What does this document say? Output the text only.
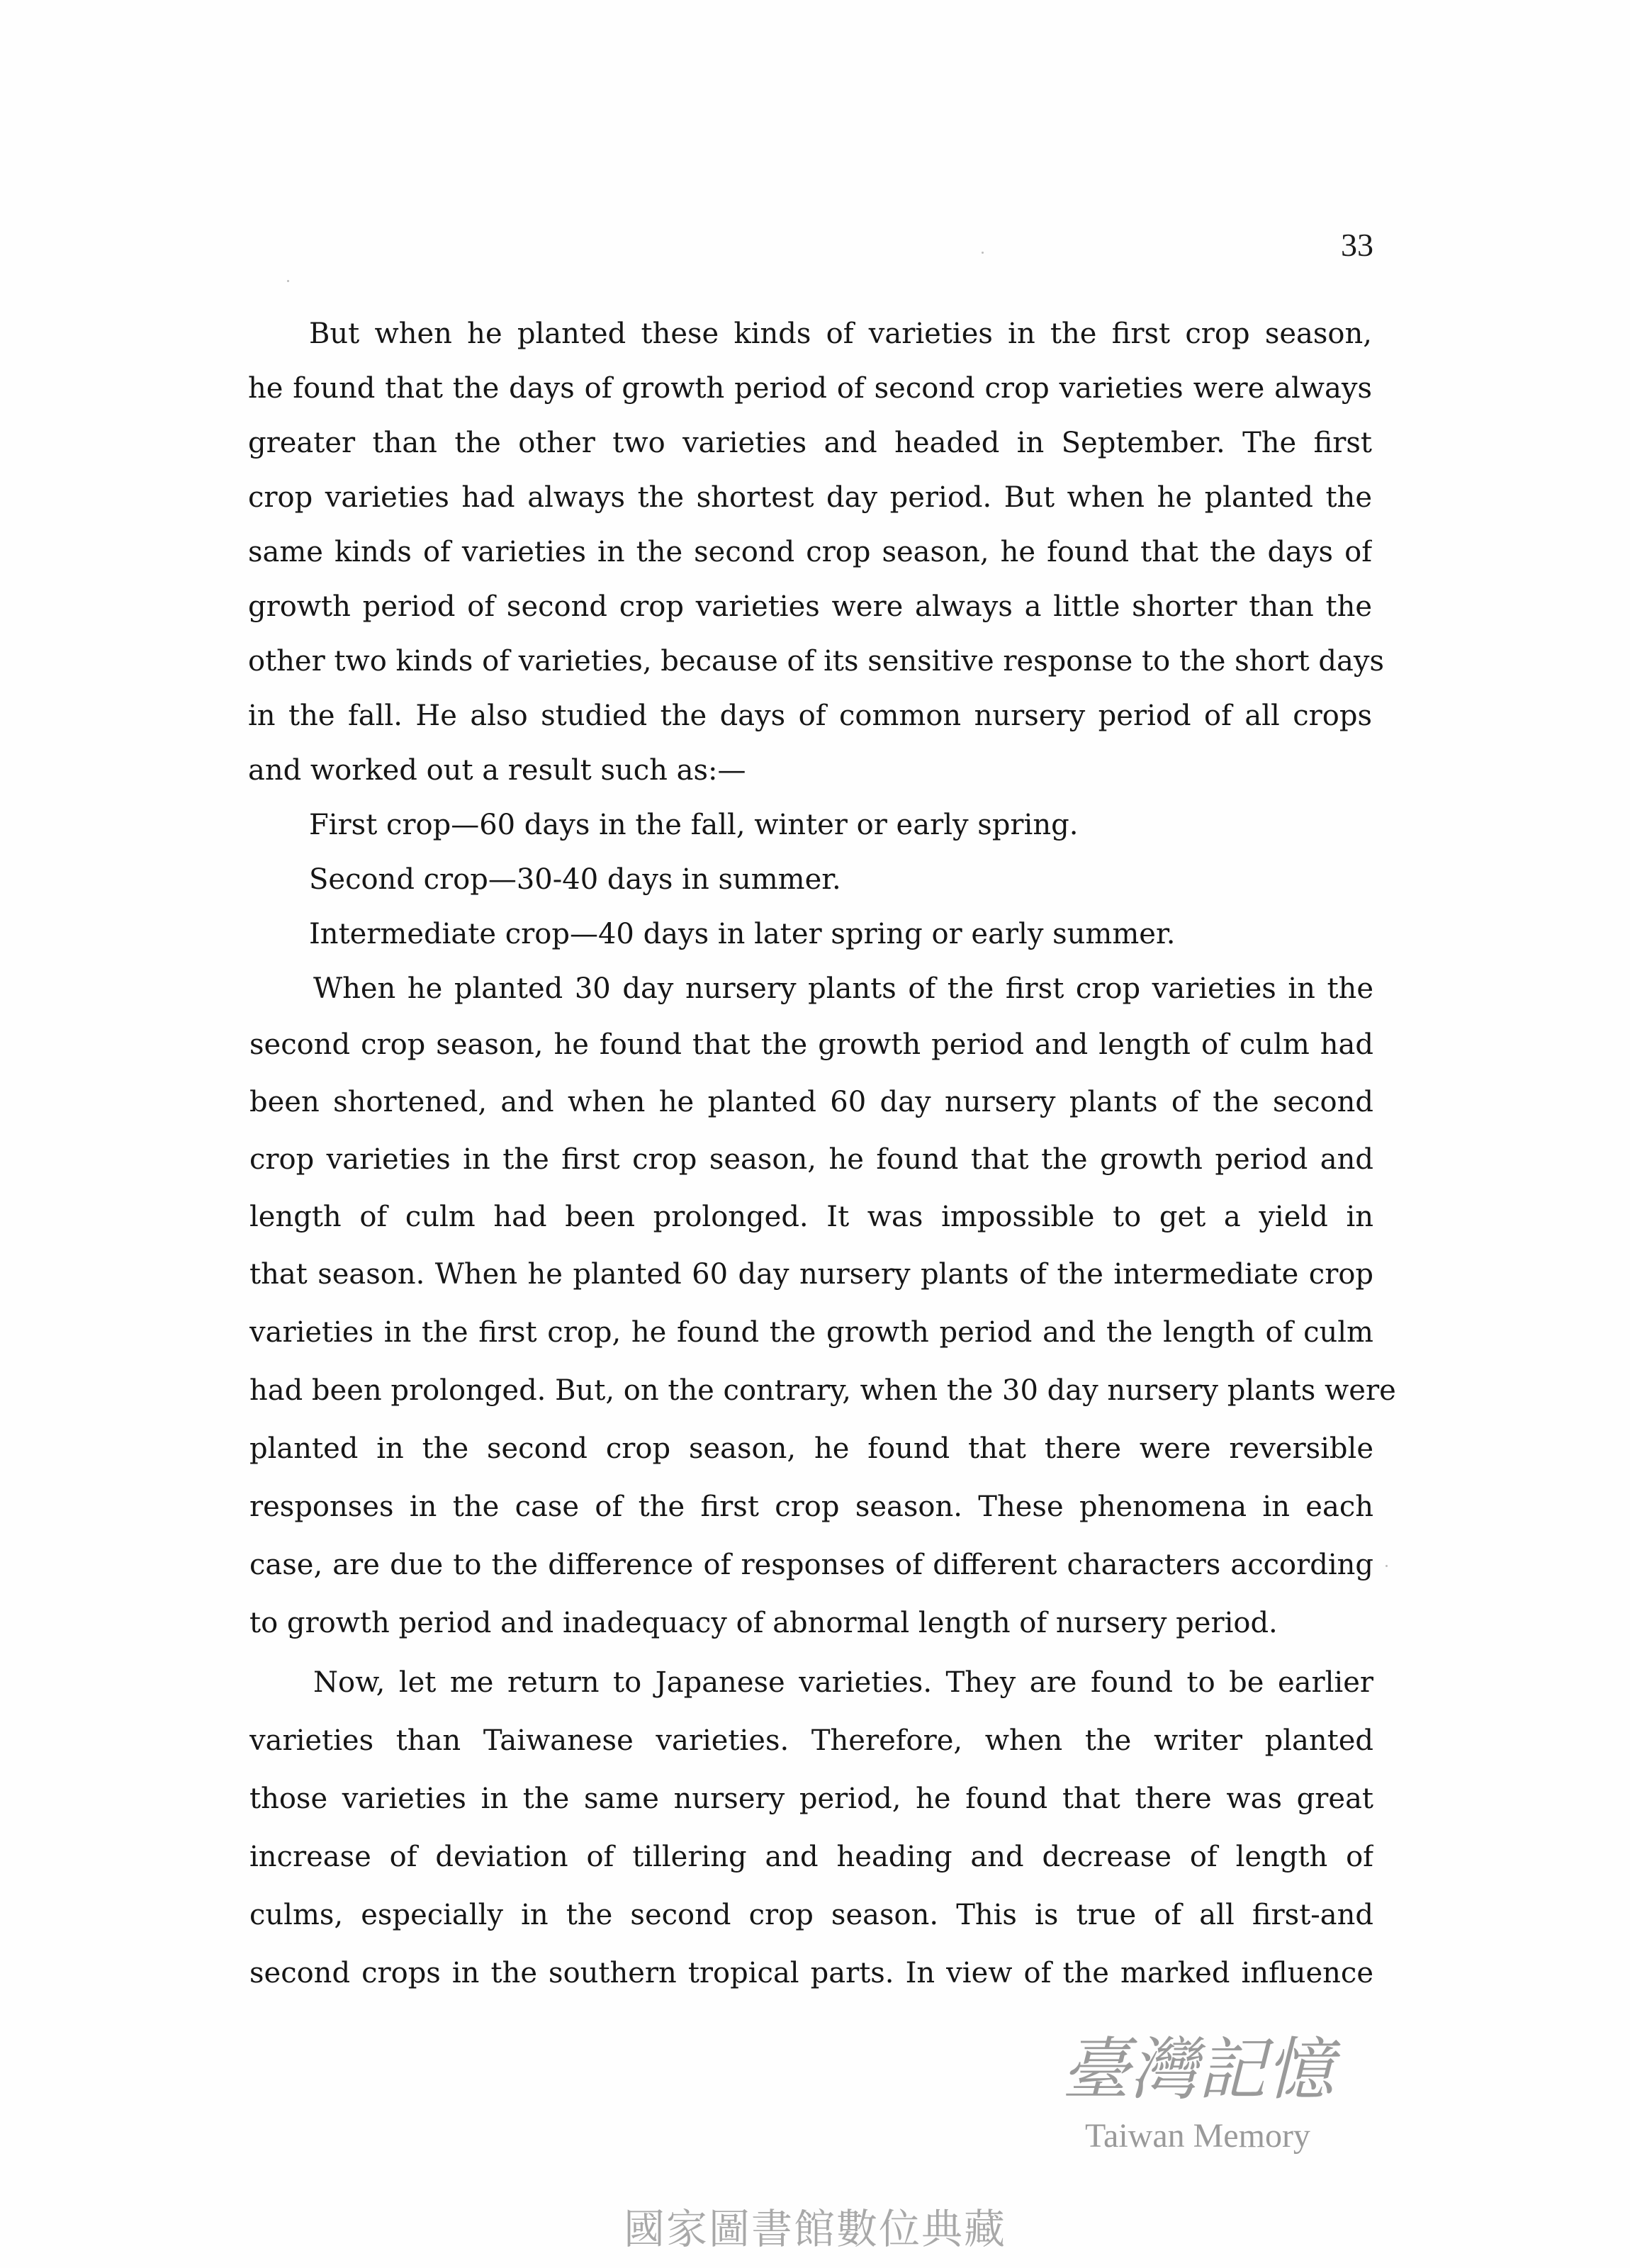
33
But when he planted these kinds of varieties in the first crop season,
he found that the days of growth period of second crop varieties were always
greater than the other two varieties and headed in September. The first
crop varieties had always the shortest day period. But when he planted the
same kinds of varieties in the second crop season, he found that the days of
growth period of second crop varieties were always a little shorter than the
other two kinds of varieties, because of its sensitive response to the short days
in the fall. He also studied the days of common nursery period of all crops
and worked out a result such as:—
First crop—60 days in the fall, winter or early spring.
Second crop—30-40 days in summer.
Intermediate crop—40 days in later spring or early summer.
When he planted 30 day nursery plants of the first crop varieties in the
second crop season, he found that the growth period and length of culm had
been shortened, and when he planted 60 day nursery plants of the second
crop varieties in the first crop season, he found that the growth period and
length of culm had been prolonged. It was impossible to get a yield in
that season. When he planted 60 day nursery plants of the intermediate crop
varieties in the first crop, he found the growth period and the length of culm
had been prolonged. But, on the contrary, when the 30 day nursery plants were
planted in the second crop season, he found that there were reversible
responses in the case of the first crop season. These phenomena in each
case, are due to the difference of responses of different characters according
to growth period and inadequacy of abnormal length of nursery period.
Now, let me return to Japanese varieties. They are found to be earlier
varieties than Taiwanese varieties. Therefore, when the writer planted
those varieties in the same nursery period, he found that there was great
increase of deviation of tillering and heading and decrease of length of
culms, especially in the second crop season. This is true of all first-and
second crops in the southern tropical parts. In view of the marked influence
臺灣記憶
Taiwan Memory
國家圖書館數位典藏
